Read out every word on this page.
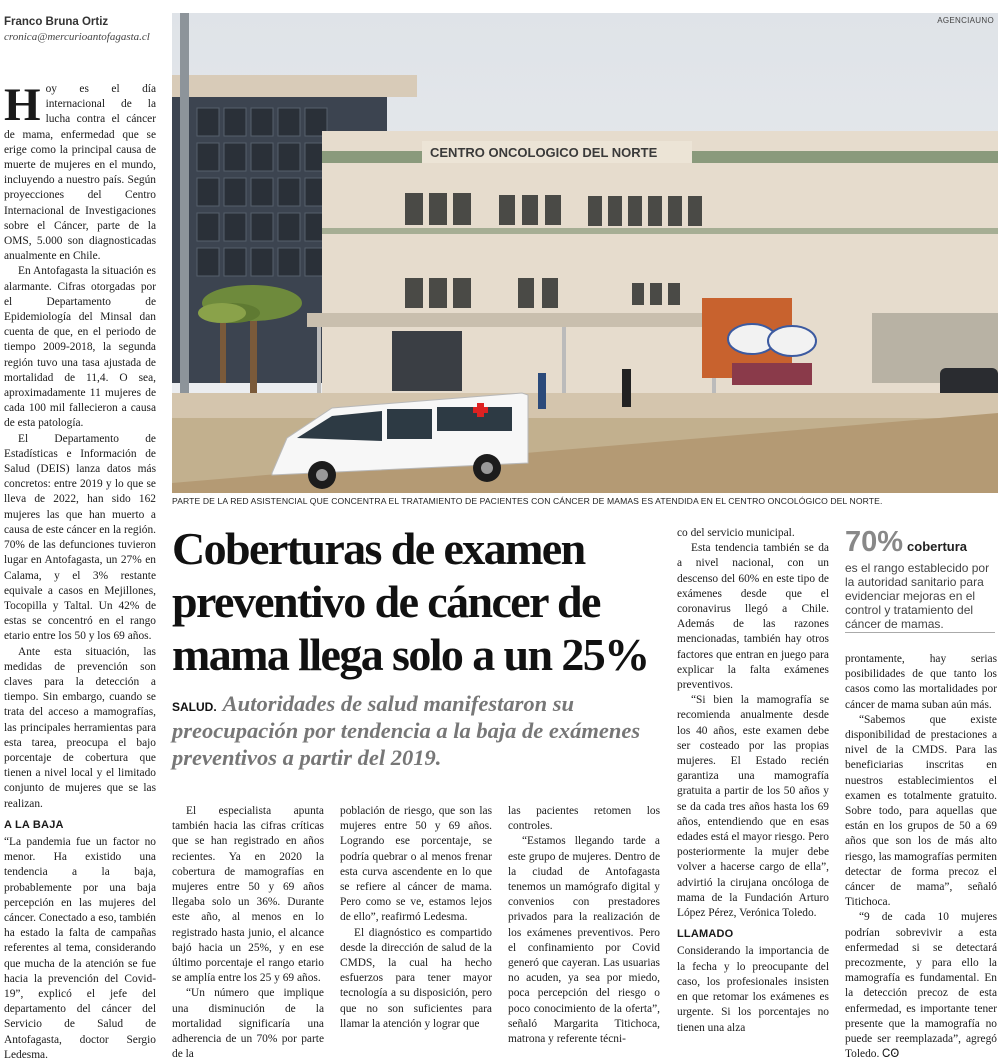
Franco Bruna Ortiz
cronica@mercurioantofagasta.cl

Hoy es el día internacional de la lucha contra el cáncer de mama, enfermedad que se erige como la principal causa de muerte de mujeres en el mundo, incluyendo a nuestro país. Según proyecciones del Centro Internacional de Investigaciones sobre el Cáncer, parte de la OMS, 5.000 son diagnosticadas anualmente en Chile.

En Antofagasta la situación es alarmante. Cifras otorgadas por el Departamento de Epidemiología del Minsal dan cuenta de que, en el periodo de tiempo 2009-2018, la segunda región tuvo una tasa ajustada de mortalidad de 11,4. O sea, aproximadamente 11 mujeres de cada 100 mil fallecieron a causa de esta patología.

El Departamento de Estadísticas e Información de Salud (DEIS) lanza datos más concretos: entre 2019 y lo que se lleva de 2022, han sido 162 mujeres las que han muerto a causa de este cáncer en la región. 70% de las defunciones tuvieron lugar en Antofagasta, un 27% en Calama, y el 3% restante equivale a casos en Mejillones, Tocopilla y Taltal. Un 42% de estas se concentró en el rango etario entre los 50 y los 69 años.

Ante esta situación, las medidas de prevención son claves para la detección a tiempo. Sin embargo, cuando se trata del acceso a mamografías, las principales herramientas para esta tarea, preocupa el bajo porcentaje de cobertura que tienen a nivel local y el limitado conjunto de mujeres que se las realizan.

A LA BAJA

“La pandemia fue un factor no menor. Ha existido una tendencia a la baja, probablemente por una baja percepción en las mujeres del cáncer. Conectado a eso, también ha estado la falta de campañas referentes al tema, considerando que mucha de la atención se fue hacia la prevención del Covid-19”, explicó el jefe del departamento del cáncer del Servicio de Salud de Antofagasta, doctor Sergio Ledesma.

CENTRO ONCOLOGICO DEL NORTE
AGENCIAUNO
PARTE DE LA RED ASISTENCIAL QUE CONCENTRA EL TRATAMIENTO DE PACIENTES CON CÁNCER DE MAMAS ES ATENDIDA EN EL CENTRO ONCOLÓGICO DEL NORTE.
Coberturas de examen preventivo de cáncer de mama llega solo a un 25%
SALUD. Autoridades de salud manifestaron su preocupación por tendencia a la baja de exámenes preventivos a partir del 2019.

El especialista apunta también hacia las cifras críticas que se han registrado en años recientes. Ya en 2020 la cobertura de mamografías en mujeres entre 50 y 69 años llegaba solo un 36%. Durante este año, al menos en lo registrado hasta junio, el alcance bajó hacia un 25%, y en ese último porcentaje el rango etario se amplía entre los 25 y 69 años.

“Un número que implique una disminución de la mortalidad significaría una adherencia de un 70% por parte de la

población de riesgo, que son las mujeres entre 50 y 69 años. Logrando ese porcentaje, se podría quebrar o al menos frenar esta curva ascendente en lo que se refiere al cáncer de mama. Pero como se ve, estamos lejos de ello”, reafirmó Ledesma.

El diagnóstico es compartido desde la dirección de salud de la CMDS, la cual ha hecho esfuerzos para tener mayor tecnología a su disposición, pero que no son suficientes para llamar la atención y lograr que

las pacientes retomen los controles.

“Estamos llegando tarde a este grupo de mujeres. Dentro de la ciudad de Antofagasta tenemos un mamógrafo digital y convenios con prestadores privados para la realización de los exámenes preventivos. Pero el confinamiento por Covid generó que cayeran. Las usuarias no acuden, ya sea por miedo, poca percepción del riesgo o poco conocimiento de la oferta”, señaló Margarita Titichoca, matrona y referente técni-

co del servicio municipal.

Esta tendencia también se da a nivel nacional, con un descenso del 60% en este tipo de exámenes desde que el coronavirus llegó a Chile. Además de las razones mencionadas, también hay otros factores que entran en juego para explicar la falta exámenes preventivos.

“Si bien la mamografía se recomienda anualmente desde los 40 años, este examen debe ser costeado por las propias mujeres. El Estado recién garantiza una mamografía gratuita a partir de los 50 años y se da cada tres años hasta los 69 años, entendiendo que en esas edades está el mayor riesgo. Pero posteriormente la mujer debe volver a hacerse cargo de ella”, advirtió la cirujana oncóloga de mama de la Fundación Arturo López Pérez, Verónica Toledo.

LLAMADO

Considerando la importancia de la fecha y lo preocupante del caso, los profesionales insisten en que retomar los exámenes es urgente. Si los porcentajes no tienen una alza

70% cobertura
es el rango establecido por la autoridad sanitario para evidenciar mejoras en el control y tratamiento del cáncer de mamas.

prontamente, hay serias posibilidades de que tanto los casos como las mortalidades por cáncer de mama suban aún más.

“Sabemos que existe disponibilidad de prestaciones a nivel de la CMDS. Para las beneficiarias inscritas en nuestros establecimientos el examen es totalmente gratuito. Sobre todo, para aquellas que están en los grupos de 50 a 69 años que son los de más alto riesgo, las mamografías permiten detectar de forma precoz el cáncer de mama”, señaló Titichoca.

“9 de cada 10 mujeres podrían sobrevivir a esta enfermedad si se detectará precozmente, y para ello la mamografía es fundamental. En la detección precoz de esta enfermedad, es importante tener presente que la mamografía no puede ser reemplazada”, agregó Toledo. ᏟꙨ
